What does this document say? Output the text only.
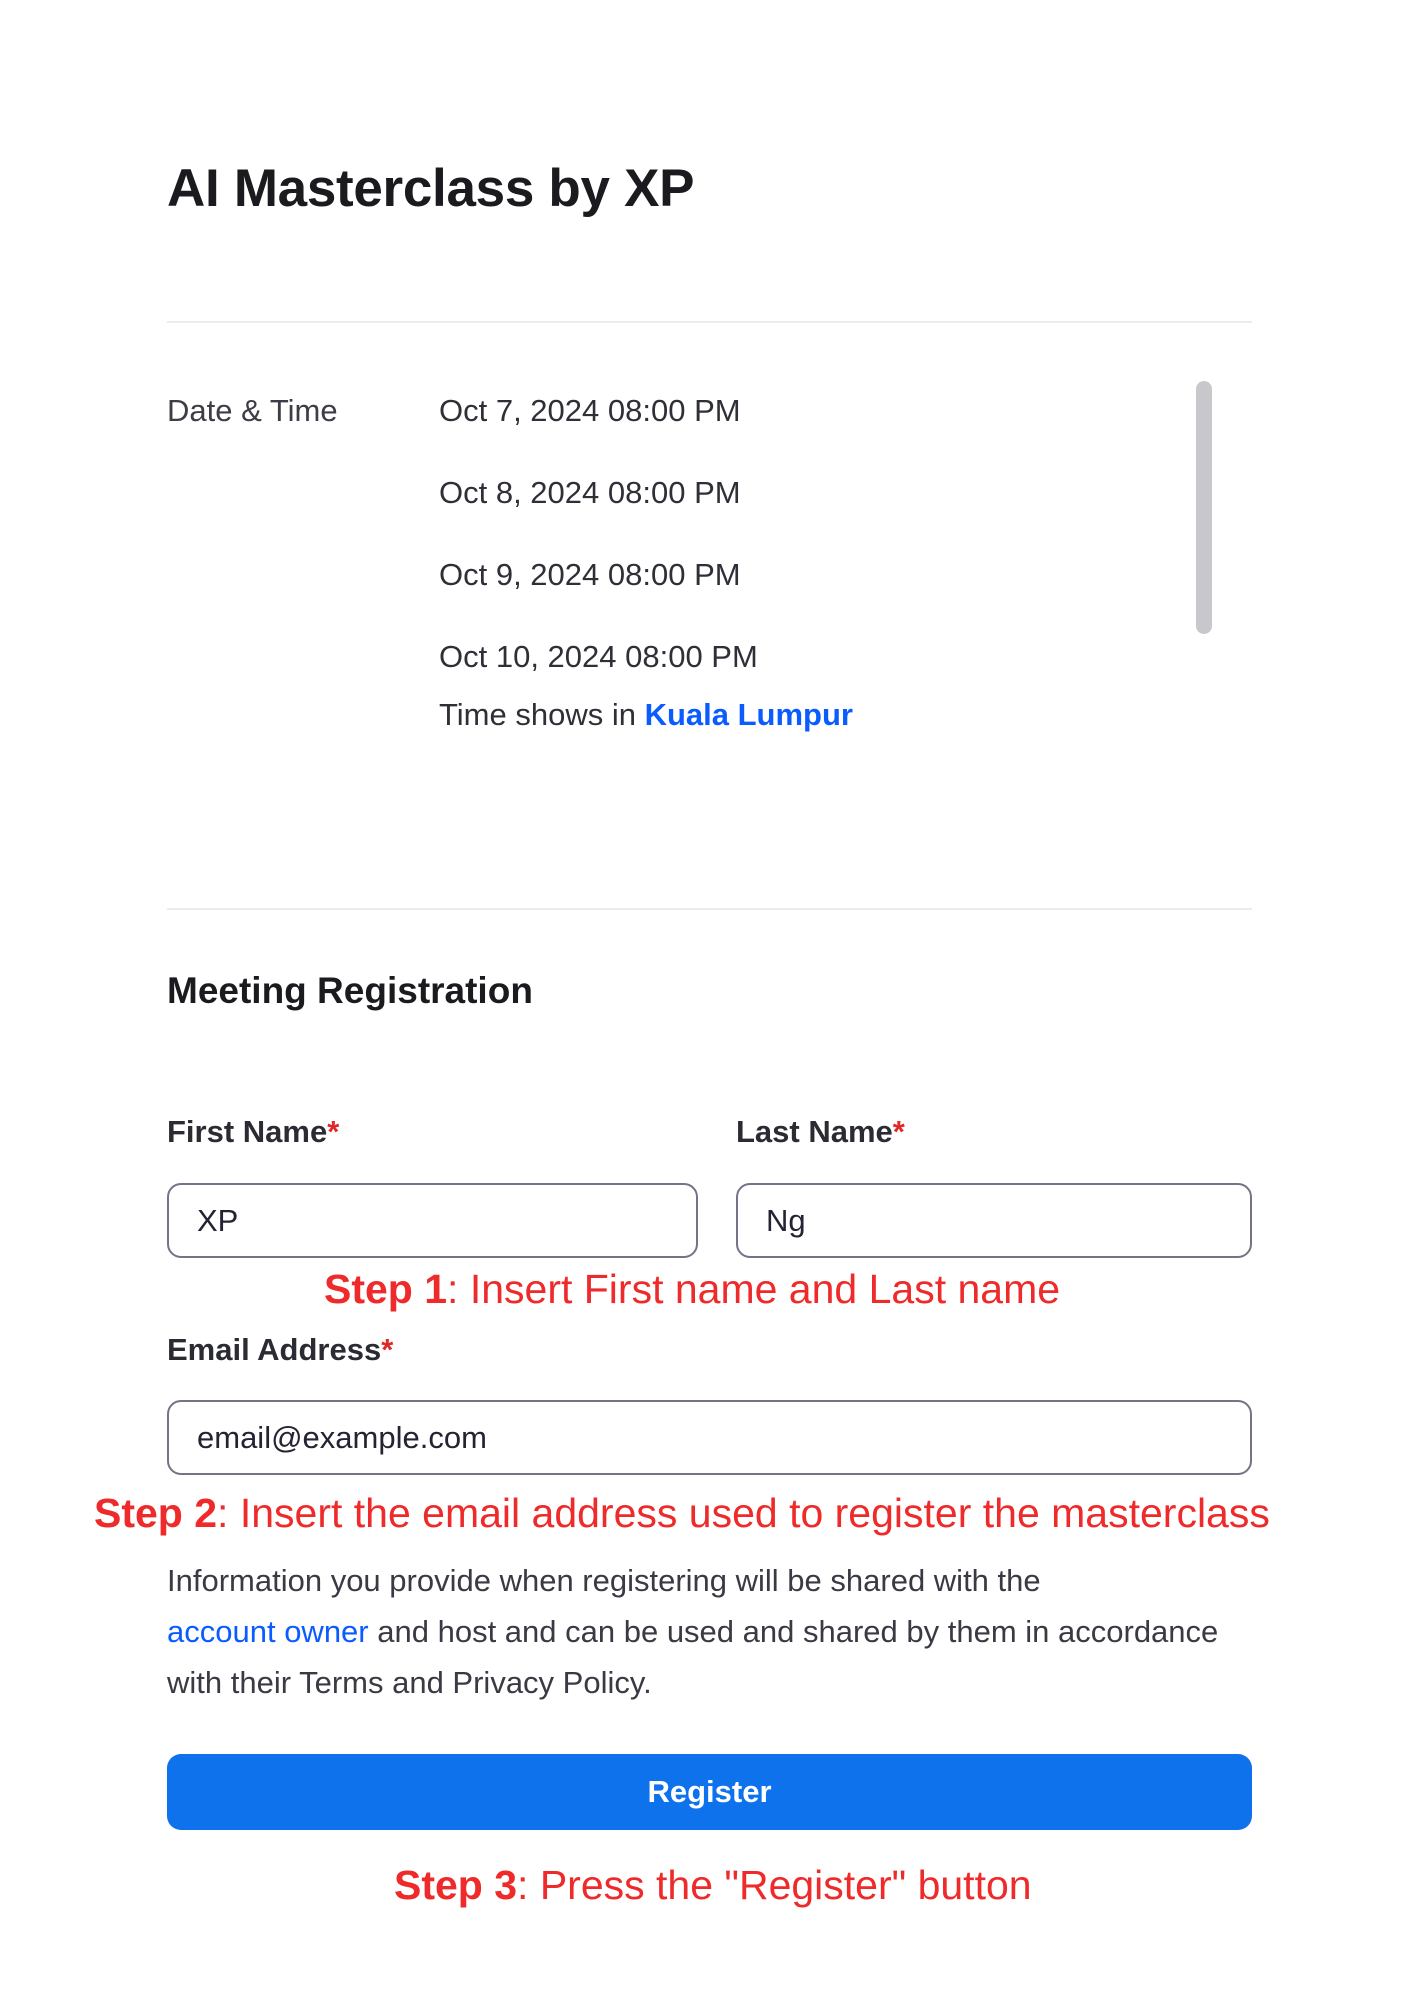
AI Masterclass by XP
Date & Time	Oct 7, 2024 08:00 PM
Oct 8, 2024 08:00 PM
Oct 9, 2024 08:00 PM
Oct 10, 2024 08:00 PM
Time shows in Kuala Lumpur
Meeting Registration
First Name*
XP	Last Name*
Ng
Step 1: Insert First name and Last name
Email Address*
email@example.com
Step 2: Insert the email address used to register the masterclass

Information you provide when registering will be shared with the
account owner and host and can be used and shared by them in accordance with their Terms and Privacy Policy.

Register
Step 3: Press the "Register" button
